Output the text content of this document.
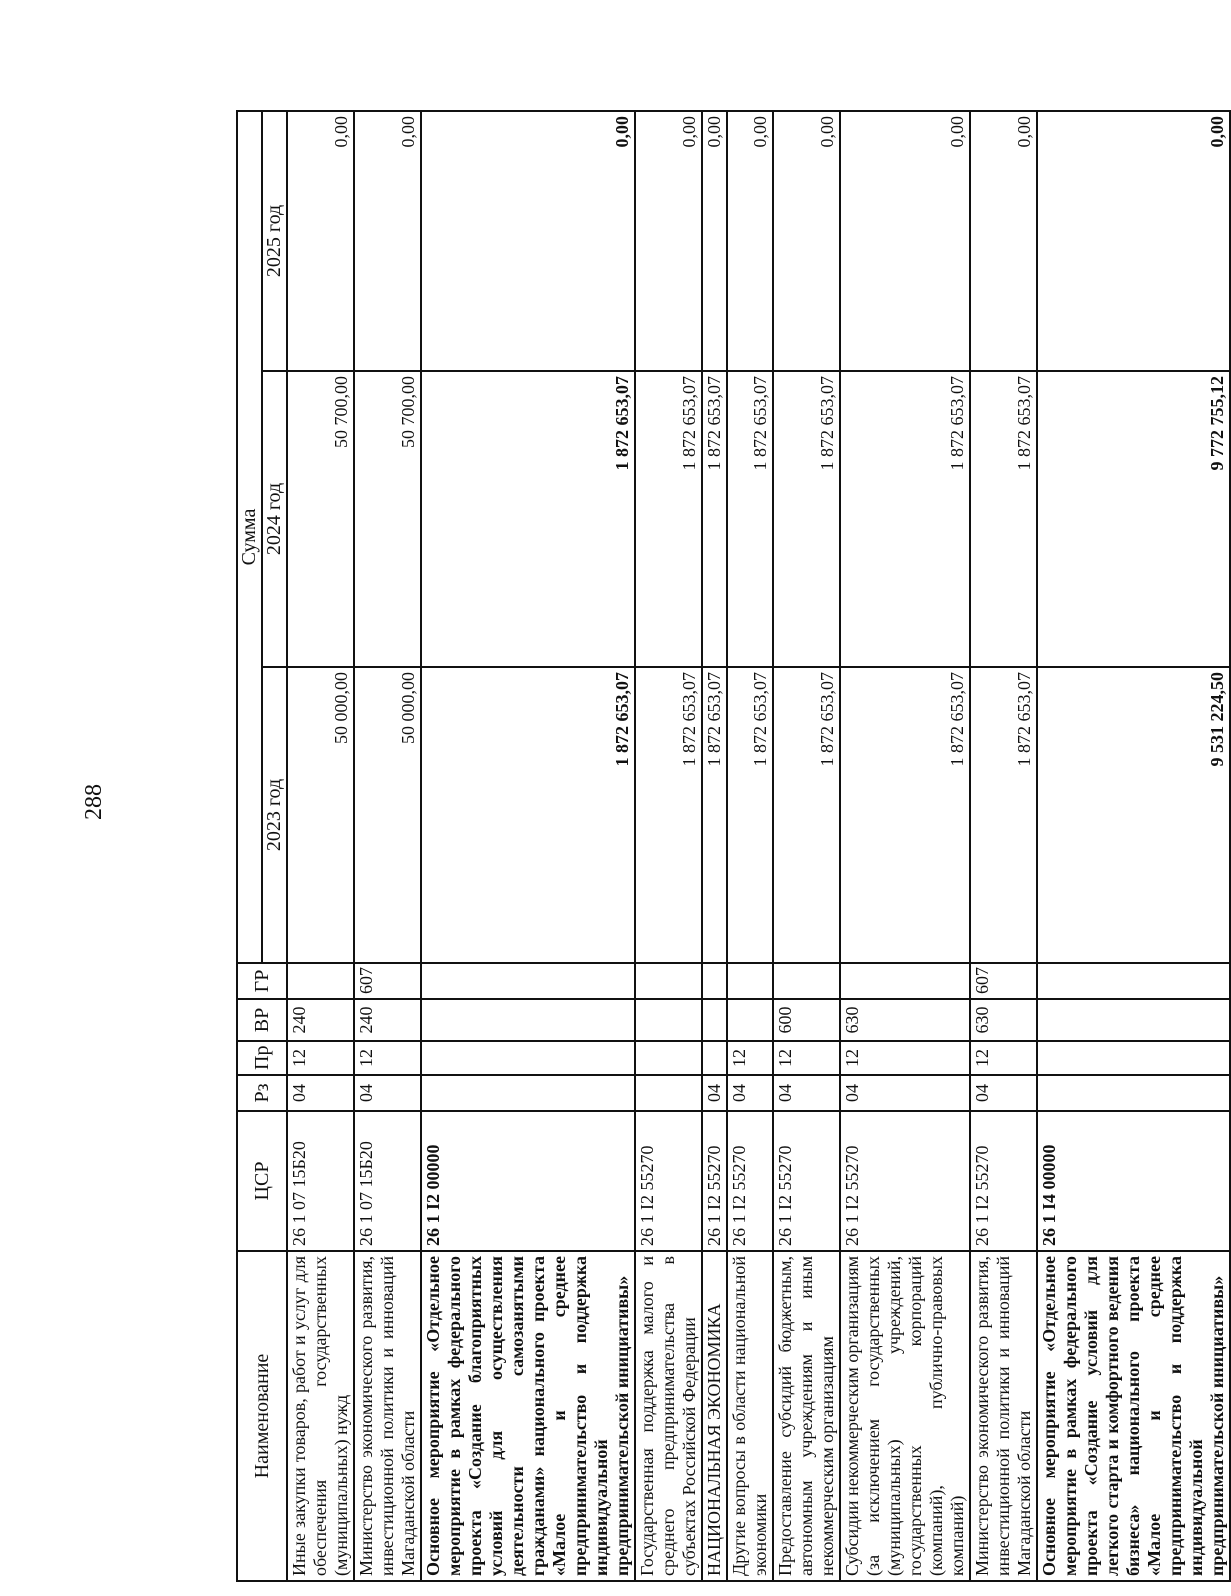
288
Наименование	ЦСР	Рз	Пр	ВР	ГР	Сумма		
						2023 год	2024 год	2025 год
Иные закупки товаров, работ и услуг для обеспечения государственных (муниципальных) нужд	26 1 07 15Б20	04	12	240		50 000,00	50 700,00	0,00
Министерство экономического развития, инвестиционной политики и инноваций Магаданской области	26 1 07 15Б20	04	12	240	607	50 000,00	50 700,00	0,00
Основное мероприятие «Отдельное мероприятие в рамках федерального проекта «Создание благоприятных условий для осуществления деятельности самозанятыми гражданами» национального проекта «Малое и среднее предпринимательство и поддержка индивидуальной предпринимательской инициативы»	26 1 I2 00000					1 872 653,07	1 872 653,07	0,00
Государственная поддержка малого и среднего предпринимательства в субъектах Российской Федерации	26 1 I2 55270					1 872 653,07	1 872 653,07	0,00
НАЦИОНАЛЬНАЯ ЭКОНОМИКА	26 1 I2 55270	04				1 872 653,07	1 872 653,07	0,00
Другие вопросы в области национальной экономики	26 1 I2 55270	04	12			1 872 653,07	1 872 653,07	0,00
Предоставление субсидий бюджетным, автономным учреждениям и иным некоммерческим организациям	26 1 I2 55270	04	12	600		1 872 653,07	1 872 653,07	0,00
Субсидии некоммерческим организациям (за исключением государственных (муниципальных) учреждений, государственных корпораций (компаний), публично-правовых компаний)	26 1 I2 55270	04	12	630		1 872 653,07	1 872 653,07	0,00
Министерство экономического развития, инвестиционной политики и инноваций Магаданской области	26 1 I2 55270	04	12	630	607	1 872 653,07	1 872 653,07	0,00
Основное мероприятие «Отдельное мероприятие в рамках федерального проекта «Создание условий для легкого старта и комфортного ведения бизнеса» национального проекта «Малое и среднее предпринимательство и поддержка индивидуальной предпринимательской инициативы»	26 1 I4 00000					9 531 224,50	9 772 755,12	0,00
